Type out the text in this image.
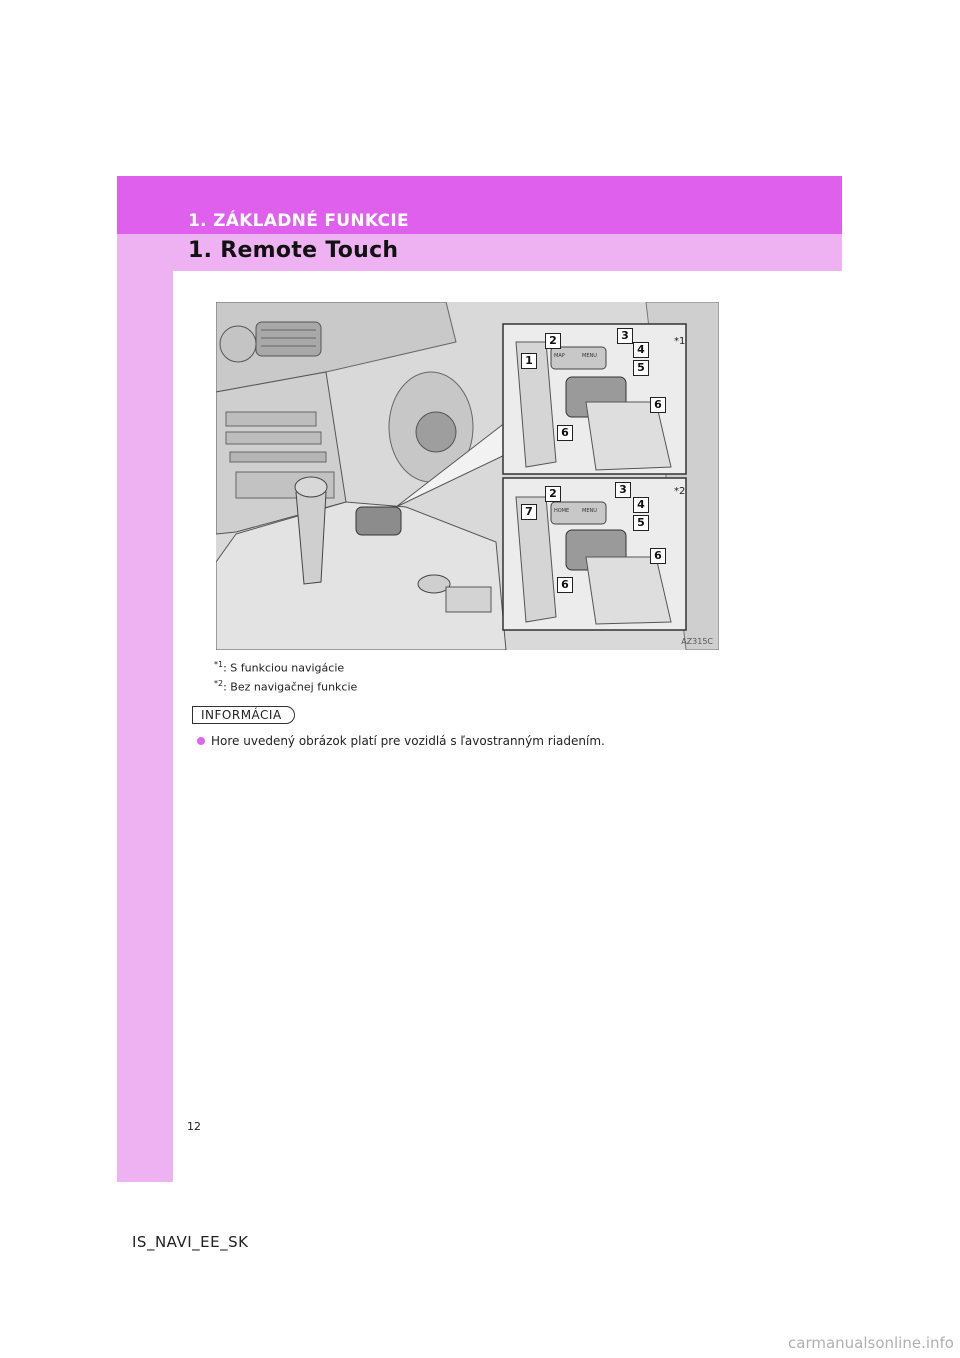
1. ZÁKLADNÉ FUNKCIE
1. Remote Touch
2	3
4
1
5
6
6
*1
2	3
4
7
5
6
6
*2
MAP	MENU
HOME	MENU
AZ315C
$^{*1}$: S funkciou navigácie
$^{*2}$: Bez navigačnej funkcie
INFORMÁCIA
Hore uvedený obrázok platí pre vozidlá s ľavostranným riadením.
12
IS_NAVI_EE_SK
carmanualsonline.info
